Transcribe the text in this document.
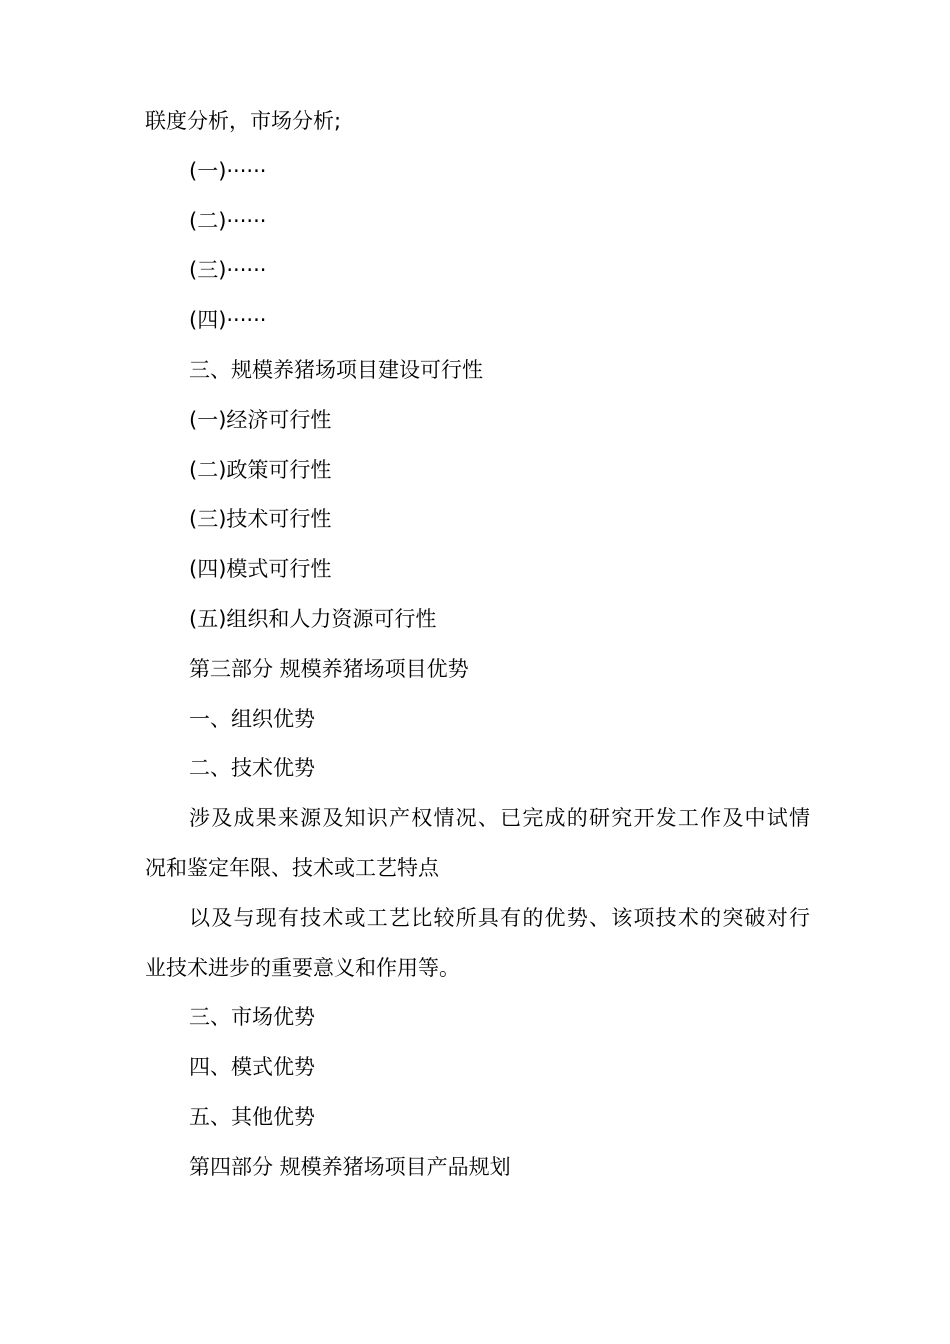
联度分析，市场分析;
(一)······
(二)······
(三)······
(四)······
三、规模养猪场项目建设可行性
(一)经济可行性
(二)政策可行性
(三)技术可行性
(四)模式可行性
(五)组织和人力资源可行性
第三部分 规模养猪场项目优势
一、组织优势
二、技术优势
涉及成果来源及知识产权情况、已完成的研究开发工作及中试情
况和鉴定年限、技术或工艺特点
以及与现有技术或工艺比较所具有的优势、该项技术的突破对行
业技术进步的重要意义和作用等。
三、市场优势
四、模式优势
五、其他优势
第四部分 规模养猪场项目产品规划
